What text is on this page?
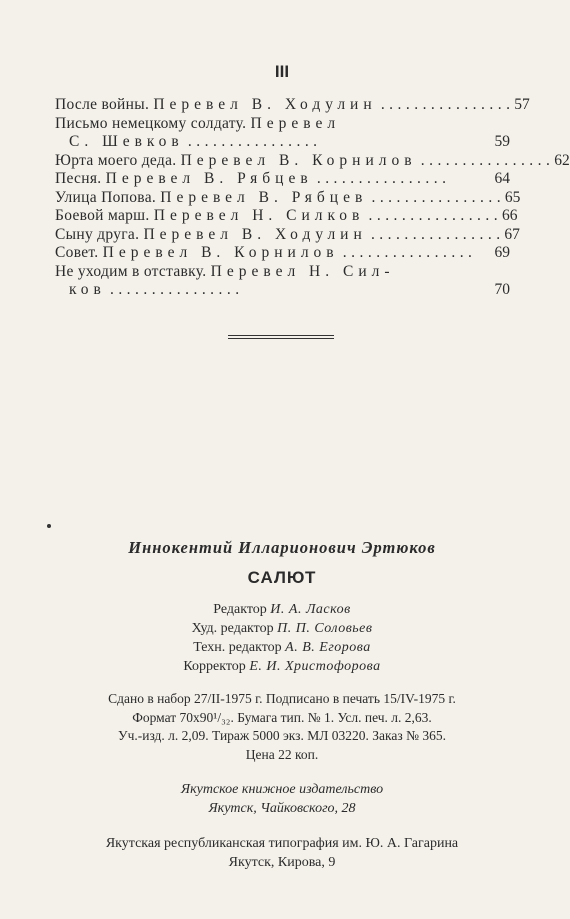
III
После войны. Перевел В. Ходулин . . . . . . . . . . . . . . . . 57
Письмо немецкому солдату. Перевел
С. Шевков . . . . . . . . . . . . . . . .	59
Юрта моего деда. Перевел В. Корнилов . . . . . . . . . . . . . . . . 62
Песня. Перевел В. Рябцев . . . . . . . . . . . . . . . .	64
Улица Попова. Перевел В. Рябцев . . . . . . . . . . . . . . . . 65
Боевой марш. Перевел Н. Силков . . . . . . . . . . . . . . . . 66
Сыну друга. Перевел В. Ходулин . . . . . . . . . . . . . . . . 67
Совет. Перевел В. Корнилов . . . . . . . . . . . . . . . . 69
Не уходим в отставку. Перевел Н. Сил-
ков . . . . . . . . . . . . . . . .	70
Иннокентий Илларионович Эртюков
САЛЮТ
Редактор И. А. Ласков
Худ. редактор П. П. Соловьев
Техн. редактор А. В. Егорова
Корректор Е. И. Христофорова
Сдано в набор 27/II-1975 г. Подписано в печать 15/IV-1975 г.
Формат 70х90¹/₃₂. Бумага тип. № 1. Усл. печ. л. 2,63.
Уч.-изд. л. 2,09. Тираж 5000 экз. МЛ 03220. Заказ № 365.
Цена 22 коп.
Якутское книжное издательство
Якутск, Чайковского, 28
Якутская республиканская типография им. Ю. А. Гагарина
Якутск, Кирова, 9
